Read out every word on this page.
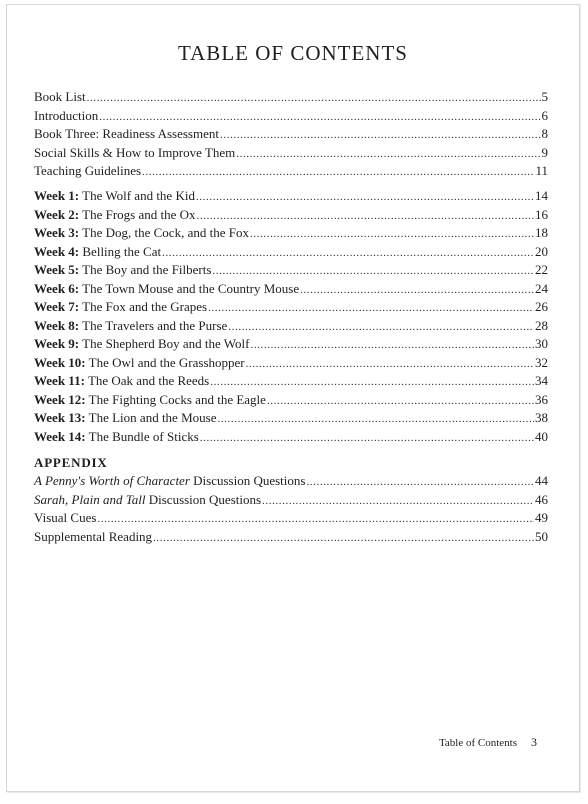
TABLE OF CONTENTS
Book List .....	5
Introduction .....	6
Book Three: Readiness Assessment .....	8
Social Skills & How to Improve Them .....	9
Teaching Guidelines .....	11
Week 1: The Wolf and the Kid .....	14
Week 2: The Frogs and the Ox .....	16
Week 3: The Dog, the Cock, and the Fox .....	18
Week 4: Belling the Cat .....	20
Week 5: The Boy and the Filberts .....	22
Week 6: The Town Mouse and the Country Mouse .....	24
Week 7: The Fox and the Grapes .....	26
Week 8: The Travelers and the Purse .....	28
Week 9: The Shepherd Boy and the Wolf .....	30
Week 10: The Owl and the Grasshopper .....	32
Week 11: The Oak and the Reeds .....	34
Week 12: The Fighting Cocks and the Eagle .....	36
Week 13: The Lion and the Mouse .....	38
Week 14: The Bundle of Sticks .....	40
APPENDIX
A Penny's Worth of Character Discussion Questions .....	44
Sarah, Plain and Tall Discussion Questions .....	46
Visual Cues .....	49
Supplemental Reading .....	50
Table of Contents 3
